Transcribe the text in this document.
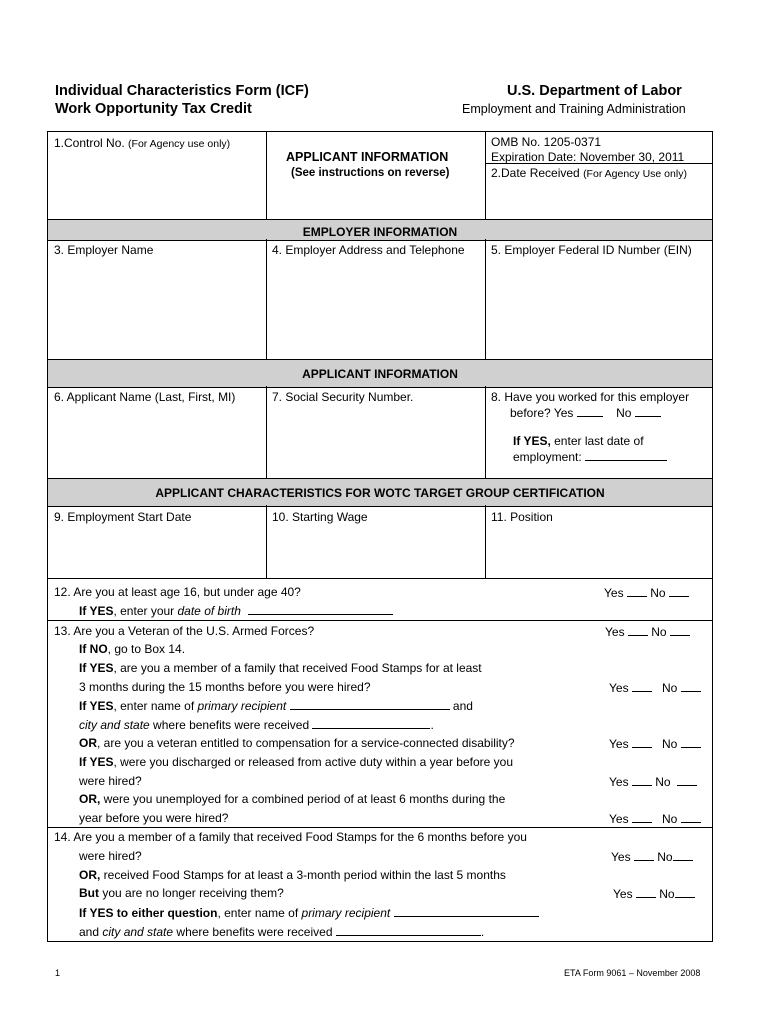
Individual Characteristics Form (ICF)
Work Opportunity Tax Credit
U.S. Department of Labor
Employment and Training Administration
1.Control No. (For Agency use only)
APPLICANT INFORMATION
(See instructions on reverse)
OMB No. 1205-0371
Expiration Date: November 30, 2011
2.Date Received (For Agency Use only)
EMPLOYER INFORMATION
3. Employer Name	4. Employer Address and Telephone 5. Employer Federal ID Number (EIN)
APPLICANT INFORMATION
6. Applicant Name (Last, First, MI)	7. Social Security Number.	8. Have you worked for this employer
before? Yes	No
If YES, enter last date of
employment:
APPLICANT CHARACTERISTICS FOR WOTC TARGET GROUP CERTIFICATION
9. Employment Start Date	10. Starting Wage	11. Position
12. Are you at least age 16, but under age 40?
If YES, enter your date of birth
Yes No
13. Are you a Veteran of the U.S. Armed Forces?	Yes No
If NO, go to Box 14.
If YES, are you a member of a family that received Food Stamps for at least
3 months during the 15 months before you were hired?	Yes	No
If YES, enter name of primary recipient	and
city and state where benefits were received	.
OR, are you a veteran entitled to compensation for a service-connected disability?	Yes	No
If YES, were you discharged or released from active duty within a year before you
were hired?	Yes No
OR, were you unemployed for a combined period of at least 6 months during the
year before you were hired?	Yes	No
14. Are you a member of a family that received Food Stamps for the 6 months before you
were hired?	Yes No
OR, received Food Stamps for at least a 3-month period within the last 5 months
But you are no longer receiving them?	Yes No
If YES to either question, enter name of primary recipient
and city and state where benefits were received	.
1	ETA Form 9061 – November 2008
